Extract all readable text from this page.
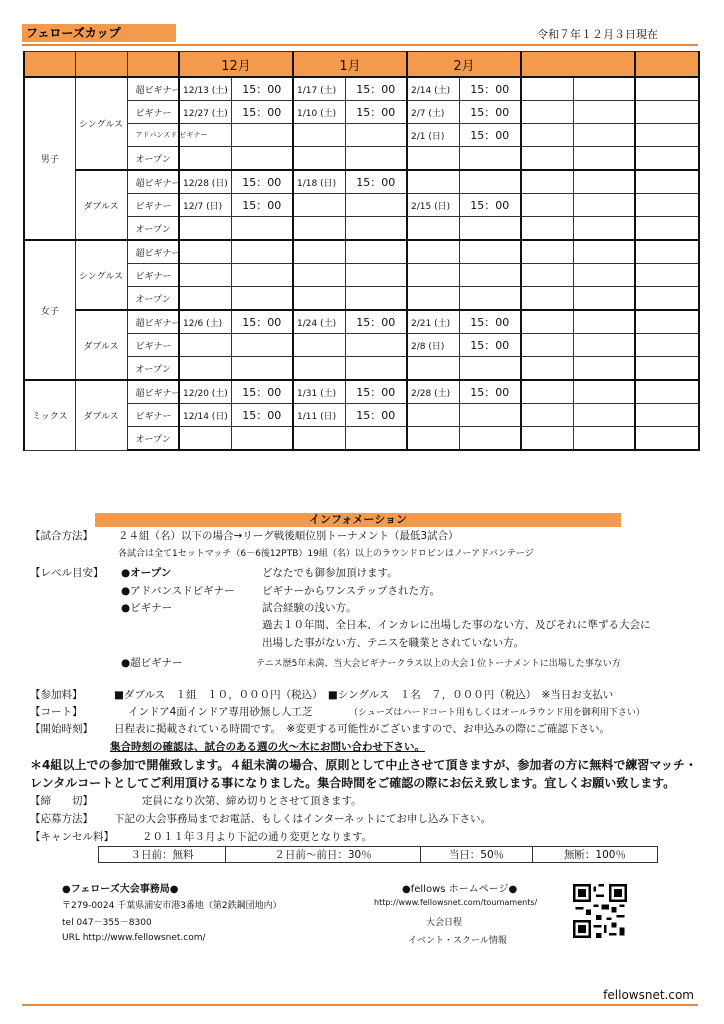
フェローズカップ	令和７年１２月３日現在
			12月		1月		2月				
男子	シングルス	超ビギナー	12/13 (土)	15：00	1/17 (土)	15：00	2/14 (土)	15：00			
		ビギナー	12/27 (土)	15：00	1/10 (土)	15：00	2/7 (土)	15：00			
		アドバンスド ビギナー					2/1 (日)	15：00			
		オープン									
	ダブルス	超ビギナー	12/28 (日)	15：00	1/18 (日)	15：00					
		ビギナー	12/7 (日)	15：00			2/15 (日)	15：00			
		オープン									
女子	シングルス	超ビギナー									
		ビギナー									
		オープン									
	ダブルス	超ビギナー	12/6 (土)	15：00	1/24 (土)	15：00	2/21 (土)	15：00			
		ビギナー					2/8 (日)	15：00			
		オープン									
ミックス	ダブルス	超ビギナー	12/20 (土)	15：00	1/31 (土)	15：00	2/28 (土)	15：00			
		ビギナー	12/14 (日)	15：00	1/11 (日)	15：00					
		オープン									
インフォメーション
【試合方法】 ２４組（名）以下の場合→リーグ戦後順位別トーナメント（最低3試合）
各試合は全て1セットマッチ（6－6後12PTB）19組（名）以上のラウンドロビンはノーアドバンテージ
【レベル目安】 ●オープン	どなたでも御参加頂けます。
●アドバンスドビギナー	ビギナーからワンステップされた方。
●ビギナー	試合経験の浅い方。
過去１０年間、全日本、インカレに出場した事のない方、及びそれに準ずる大会に
出場した事がない方、テニスを職業とされていない方。
●超ビギナー	テニス歴5年未満、当大会ビギナークラス以上の大会１位トーナメントに出場した事ない方
【参加料】	■ダブルス　１組　１０，０００円（税込）　■シングルス　１名　７，０００円（税込）　※当日お支払い
【コート】	インドア4面インドア専用砂無し人工芝	（シューズはハードコート用もしくはオールラウンド用を御利用下さい）
【開始時刻】 日程表に掲載されている時間です。　※変更する可能性がございますので、お申込みの際にご確認下さい。
集合時刻の確認は、試合のある週の火～木にお問い合わせ下さい。
＊4組以上での参加で開催致します。４組未満の場合、原則として中止させて頂きますが、参加者の方に無料で練習マッチ・
レンタルコートとしてご利用頂ける事になりました。集合時間をご確認の際にお伝え致します。宜しくお願い致します。
【締　　切】	定員になり次第、締め切りとさせて頂きます。
【応募方法】 下記の大会事務局までお電話、もしくはインターネットにてお申し込み下さい。
【キャンセル料】	２０１１年３月より下記の通り変更となります。
３日前：無料	２日前～前日：30％	当日：50％	無断：100％
●フェローズ大会事務局●
〒279-0024 千葉県浦安市港3番地（第2鉄鋼団地内）
tel 047－355－8300
URL http://www.fellowsnet.com/
●fellows ホームページ●
http://www.fellowsnet.com/tournaments/
大会日程
イベント・スクール情報
fellowsnet.com
